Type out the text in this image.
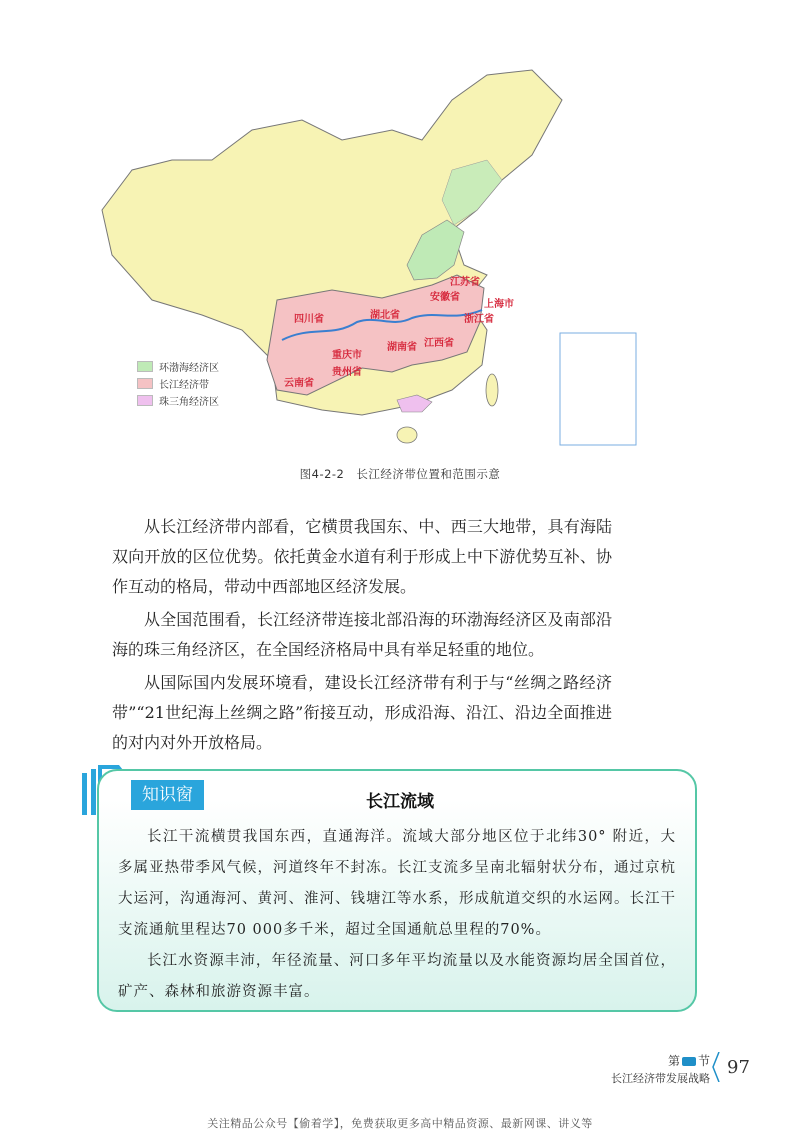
四川省	湖北省
重庆市
贵州省
云南省
湖南省 江西省
安徽省
江苏省
浙江省
上海市
环渤海经济区
长江经济带
珠三角经济区
图4-2-2　长江经济带位置和范围示意

从长江经济带内部看，它横贯我国东、中、西三大地带，具有海陆双向开放的区位优势。依托黄金水道有利于形成上中下游优势互补、协作互动的格局，带动中西部地区经济发展。

从全国范围看，长江经济带连接北部沿海的环渤海经济区及南部沿海的珠三角经济区，在全国经济格局中具有举足轻重的地位。

从国际国内发展环境看，建设长江经济带有利于与“丝绸之路经济带”“21世纪海上丝绸之路”衔接互动，形成沿海、沿江、沿边全面推进的对内对外开放格局。

知识窗	长江流域

长江干流横贯我国东西，直通海洋。流域大部分地区位于北纬30° 附近，大多属亚热带季风气候，河道终年不封冻。长江支流多呈南北辐射状分布，通过京杭大运河，沟通海河、黄河、淮河、钱塘江等水系，形成航道交织的水运网。长江干支流通航里程达70 000多千米，超过全国通航总里程的70%。

长江水资源丰沛，年径流量、河口多年平均流量以及水能资源均居全国首位，矿产、森林和旅游资源丰富。

第 节
长江经济带发展战略
97
关注精品公众号【偷着学】，免费获取更多高中精品资源、最新网课、讲义等
